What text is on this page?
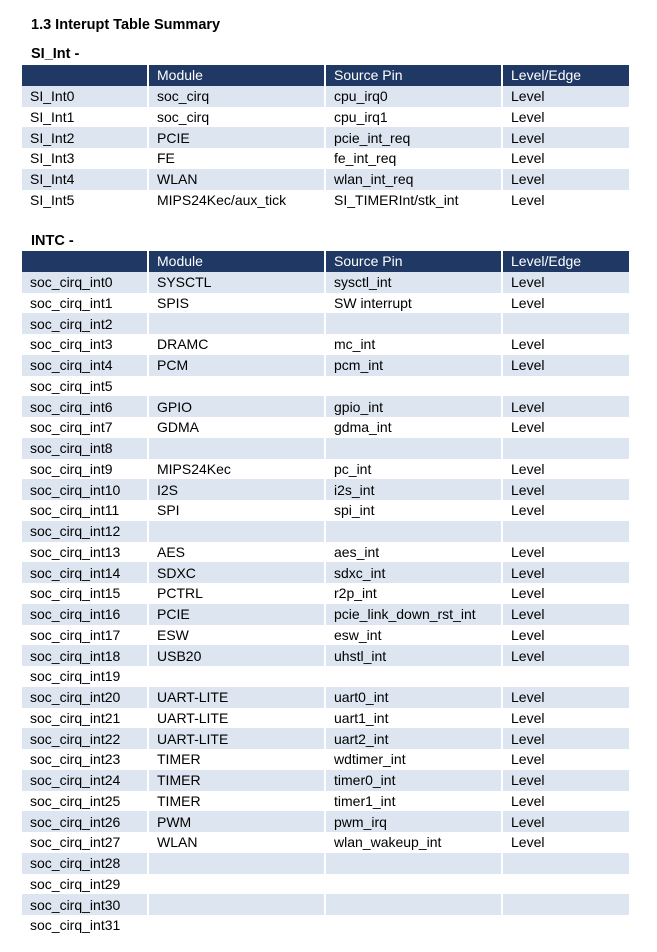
1.3 Interupt Table Summary
SI_Int -
	Module	Source Pin	Level/Edge
SI_Int0	soc_cirq	cpu_irq0	Level
SI_Int1	soc_cirq	cpu_irq1	Level
SI_Int2	PCIE	pcie_int_req	Level
SI_Int3	FE	fe_int_req	Level
SI_Int4	WLAN	wlan_int_req	Level
SI_Int5	MIPS24Kec/aux_tick	SI_TIMERInt/stk_int	Level
INTC -
	Module	Source Pin	Level/Edge
soc_cirq_int0	SYSCTL	sysctl_int	Level
soc_cirq_int1	SPIS	SW interrupt	Level
soc_cirq_int2			
soc_cirq_int3	DRAMC	mc_int	Level
soc_cirq_int4	PCM	pcm_int	Level
soc_cirq_int5			
soc_cirq_int6	GPIO	gpio_int	Level
soc_cirq_int7	GDMA	gdma_int	Level
soc_cirq_int8			
soc_cirq_int9	MIPS24Kec	pc_int	Level
soc_cirq_int10	I2S	i2s_int	Level
soc_cirq_int11	SPI	spi_int	Level
soc_cirq_int12			
soc_cirq_int13	AES	aes_int	Level
soc_cirq_int14	SDXC	sdxc_int	Level
soc_cirq_int15	PCTRL	r2p_int	Level
soc_cirq_int16	PCIE	pcie_link_down_rst_int	Level
soc_cirq_int17	ESW	esw_int	Level
soc_cirq_int18	USB20	uhstl_int	Level
soc_cirq_int19			
soc_cirq_int20	UART-LITE	uart0_int	Level
soc_cirq_int21	UART-LITE	uart1_int	Level
soc_cirq_int22	UART-LITE	uart2_int	Level
soc_cirq_int23	TIMER	wdtimer_int	Level
soc_cirq_int24	TIMER	timer0_int	Level
soc_cirq_int25	TIMER	timer1_int	Level
soc_cirq_int26	PWM	pwm_irq	Level
soc_cirq_int27	WLAN	wlan_wakeup_int	Level
soc_cirq_int28			
soc_cirq_int29			
soc_cirq_int30			
soc_cirq_int31			
